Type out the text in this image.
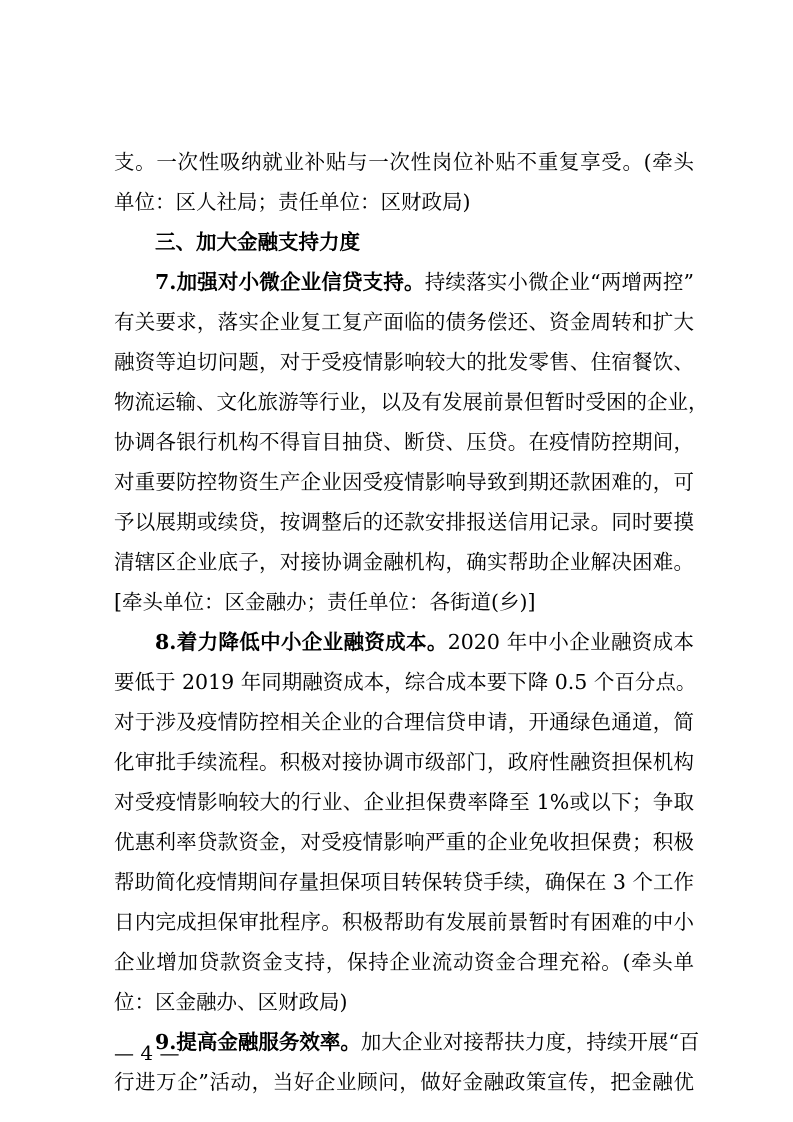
支。一次性吸纳就业补贴与一次性岗位补贴不重复享受。(牵头
单位：区人社局；责任单位：区财政局)
三、加大金融支持力度
7.加强对小微企业信贷支持。持续落实小微企业“两增两控”
有关要求，落实企业复工复产面临的债务偿还、资金周转和扩大
融资等迫切问题，对于受疫情影响较大的批发零售、住宿餐饮、
物流运输、文化旅游等行业，以及有发展前景但暂时受困的企业，
协调各银行机构不得盲目抽贷、断贷、压贷。在疫情防控期间，
对重要防控物资生产企业因受疫情影响导致到期还款困难的，可
予以展期或续贷，按调整后的还款安排报送信用记录。同时要摸
清辖区企业底子，对接协调金融机构，确实帮助企业解决困难。
[牵头单位：区金融办；责任单位：各街道(乡)]
8.着力降低中小企业融资成本。2020 年中小企业融资成本
要低于 2019 年同期融资成本，综合成本要下降 0.5 个百分点。
对于涉及疫情防控相关企业的合理信贷申请，开通绿色通道，简
化审批手续流程。积极对接协调市级部门，政府性融资担保机构
对受疫情影响较大的行业、企业担保费率降至 1%或以下；争取
优惠利率贷款资金，对受疫情影响严重的企业免收担保费；积极
帮助简化疫情期间存量担保项目转保转贷手续，确保在 3 个工作
日内完成担保审批程序。积极帮助有发展前景暂时有困难的中小
企业增加贷款资金支持，保持企业流动资金合理充裕。(牵头单
位：区金融办、区财政局)
9.提高金融服务效率。加大企业对接帮扶力度，持续开展“百
行进万企”活动，当好企业顾问，做好金融政策宣传，把金融优
— 4 —
